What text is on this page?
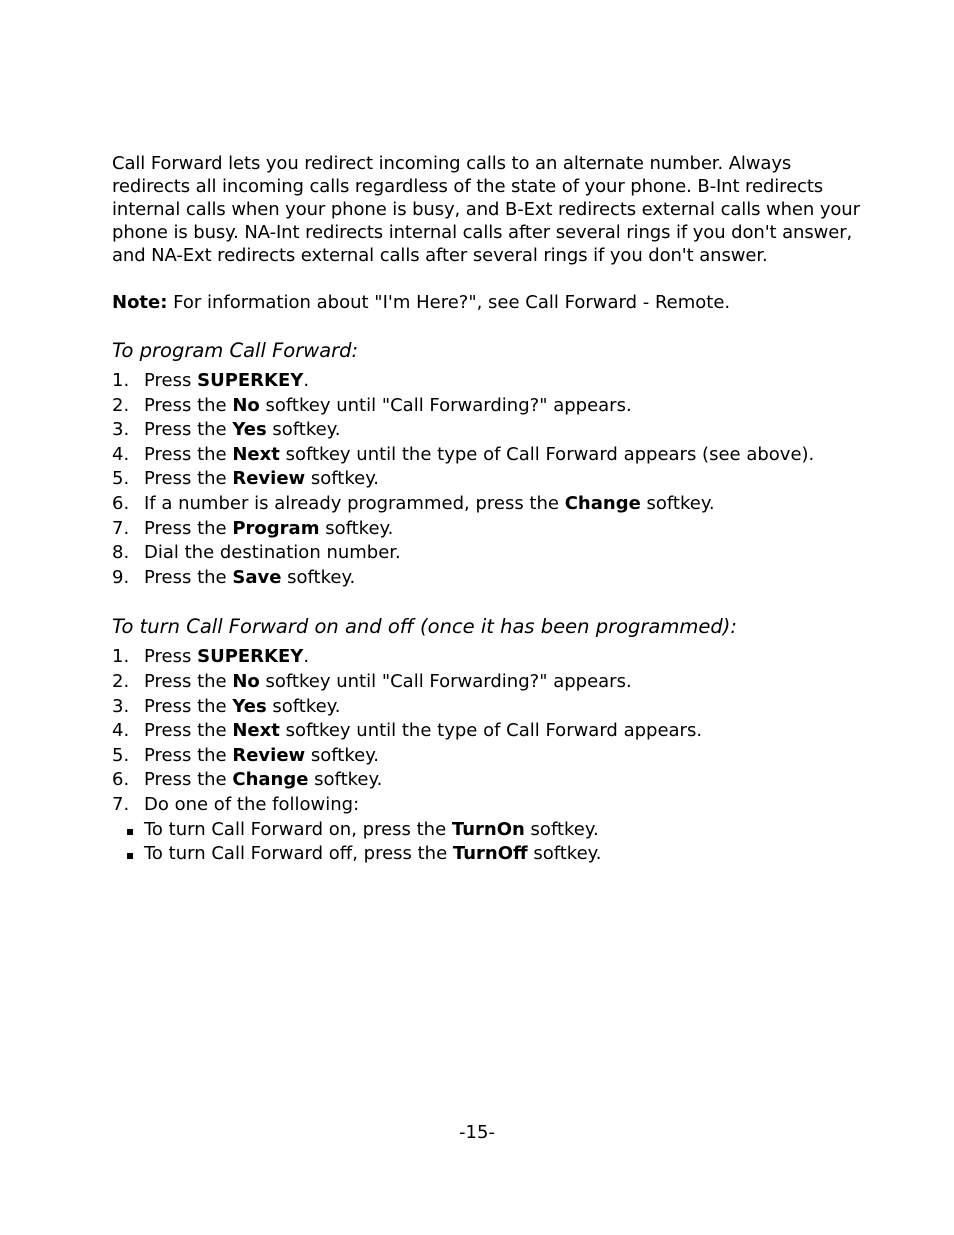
Call Forward lets you redirect incoming calls to an alternate number. Always redirects all incoming calls regardless of the state of your phone. B-Int redirects internal calls when your phone is busy, and B-Ext redirects external calls when your phone is busy. NA-Int redirects internal calls after several rings if you don't answer, and NA-Ext redirects external calls after several rings if you don't answer.

Note: For information about "I'm Here?", see Call Forward - Remote.

To program Call Forward:
1. Press SUPERKEY.
2. Press the No softkey until "Call Forwarding?" appears.
3. Press the Yes softkey.
4. Press the Next softkey until the type of Call Forward appears (see above).
5. Press the Review softkey.
6. If a number is already programmed, press the Change softkey.
7. Press the Program softkey.
8. Dial the destination number.
9. Press the Save softkey.
To turn Call Forward on and off (once it has been programmed):
1. Press SUPERKEY.
2. Press the No softkey until "Call Forwarding?" appears.
3. Press the Yes softkey.
4. Press the Next softkey until the type of Call Forward appears.
5. Press the Review softkey.
6. Press the Change softkey.
7. Do one of the following:
To turn Call Forward on, press the TurnOn softkey.
To turn Call Forward off, press the TurnOff softkey.
-15-
